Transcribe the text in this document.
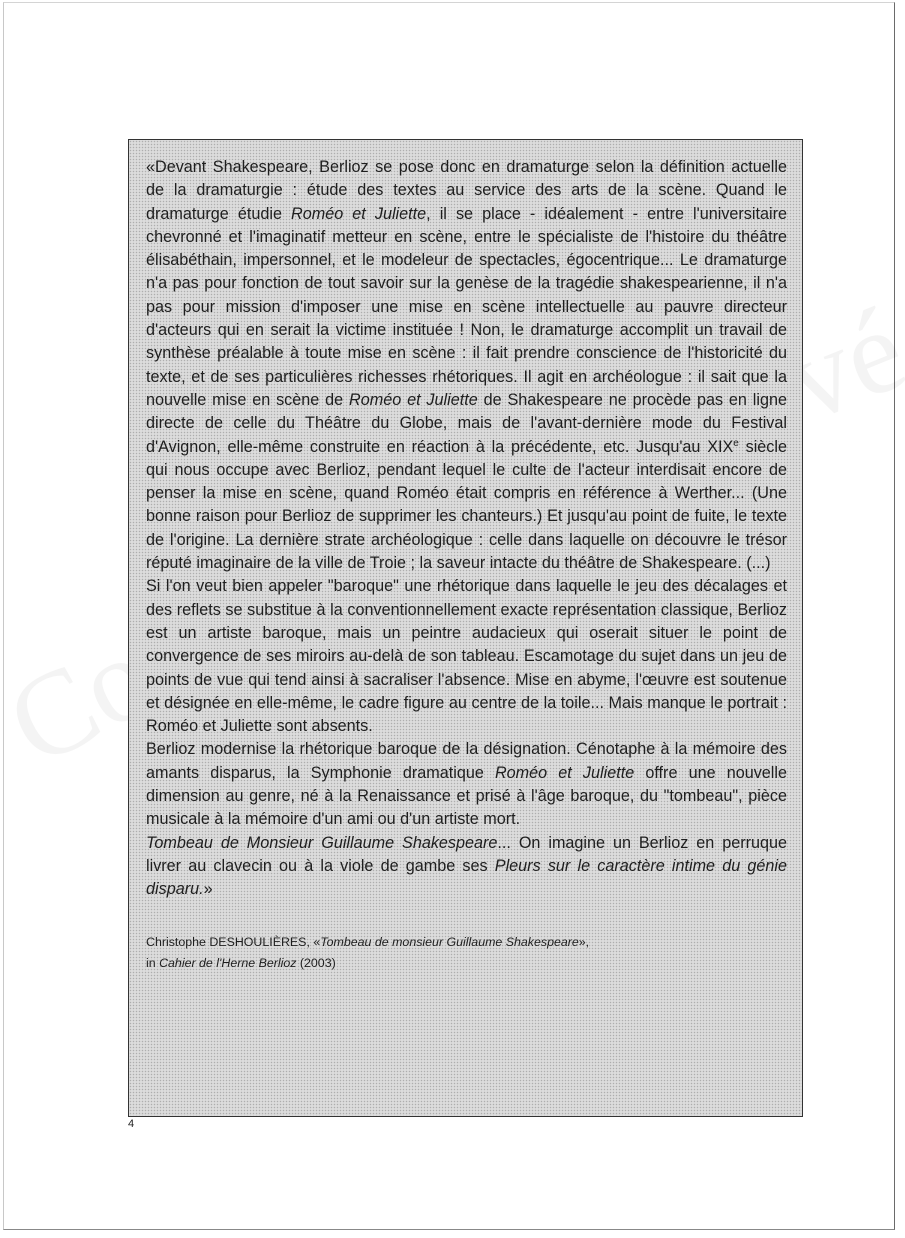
«Devant Shakespeare, Berlioz se pose donc en dramaturge selon la définition actuelle de la dramaturgie : étude des textes au service des arts de la scène. Quand le dramaturge étudie Roméo et Juliette, il se place - idéalement - entre l'universitaire chevronné et l'imaginatif metteur en scène, entre le spécialiste de l'histoire du théâtre élisabéthain, impersonnel, et le modeleur de spectacles, égocentrique... Le dramaturge n'a pas pour fonction de tout savoir sur la genèse de la tragédie shakespearienne, il n'a pas pour mission d'imposer une mise en scène intellectuelle au pauvre directeur d'acteurs qui en serait la victime instituée ! Non, le dramaturge accomplit un travail de synthèse préalable à toute mise en scène : il fait prendre conscience de l'historicité du texte, et de ses particulières richesses rhétoriques. Il agit en archéologue : il sait que la nouvelle mise en scène de Roméo et Juliette de Shakespeare ne procède pas en ligne directe de celle du Théâtre du Globe, mais de l'avant-dernière mode du Festival d'Avignon, elle-même construite en réaction à la précédente, etc. Jusqu'au XIXe siècle qui nous occupe avec Berlioz, pendant lequel le culte de l'acteur interdisait encore de penser la mise en scène, quand Roméo était compris en référence à Werther... (Une bonne raison pour Berlioz de supprimer les chanteurs.) Et jusqu'au point de fuite, le texte de l'origine. La dernière strate archéologique : celle dans laquelle on découvre le trésor réputé imaginaire de la ville de Troie ; la saveur intacte du théâtre de Shakespeare. (...)

Si l'on veut bien appeler "baroque" une rhétorique dans laquelle le jeu des décalages et des reflets se substitue à la conventionnellement exacte représentation classique, Berlioz est un artiste baroque, mais un peintre audacieux qui oserait situer le point de convergence de ses miroirs au-delà de son tableau. Escamotage du sujet dans un jeu de points de vue qui tend ainsi à sacraliser l'absence. Mise en abyme, l'œuvre est soutenue et désignée en elle-même, le cadre figure au centre de la toile... Mais manque le portrait : Roméo et Juliette sont absents.

Berlioz modernise la rhétorique baroque de la désignation. Cénotaphe à la mémoire des amants disparus, la Symphonie dramatique Roméo et Juliette offre une nouvelle dimension au genre, né à la Renaissance et prisé à l'âge baroque, du "tombeau", pièce musicale à la mémoire d'un ami ou d'un artiste mort.

Tombeau de Monsieur Guillaume Shakespeare... On imagine un Berlioz en perruque livrer au clavecin ou à la viole de gambe ses Pleurs sur le caractère intime du génie disparu.»

Christophe DESHOULIÈRES, «Tombeau de monsieur Guillaume Shakespeare»,
in Cahier de l'Herne Berlioz (2003)
4
